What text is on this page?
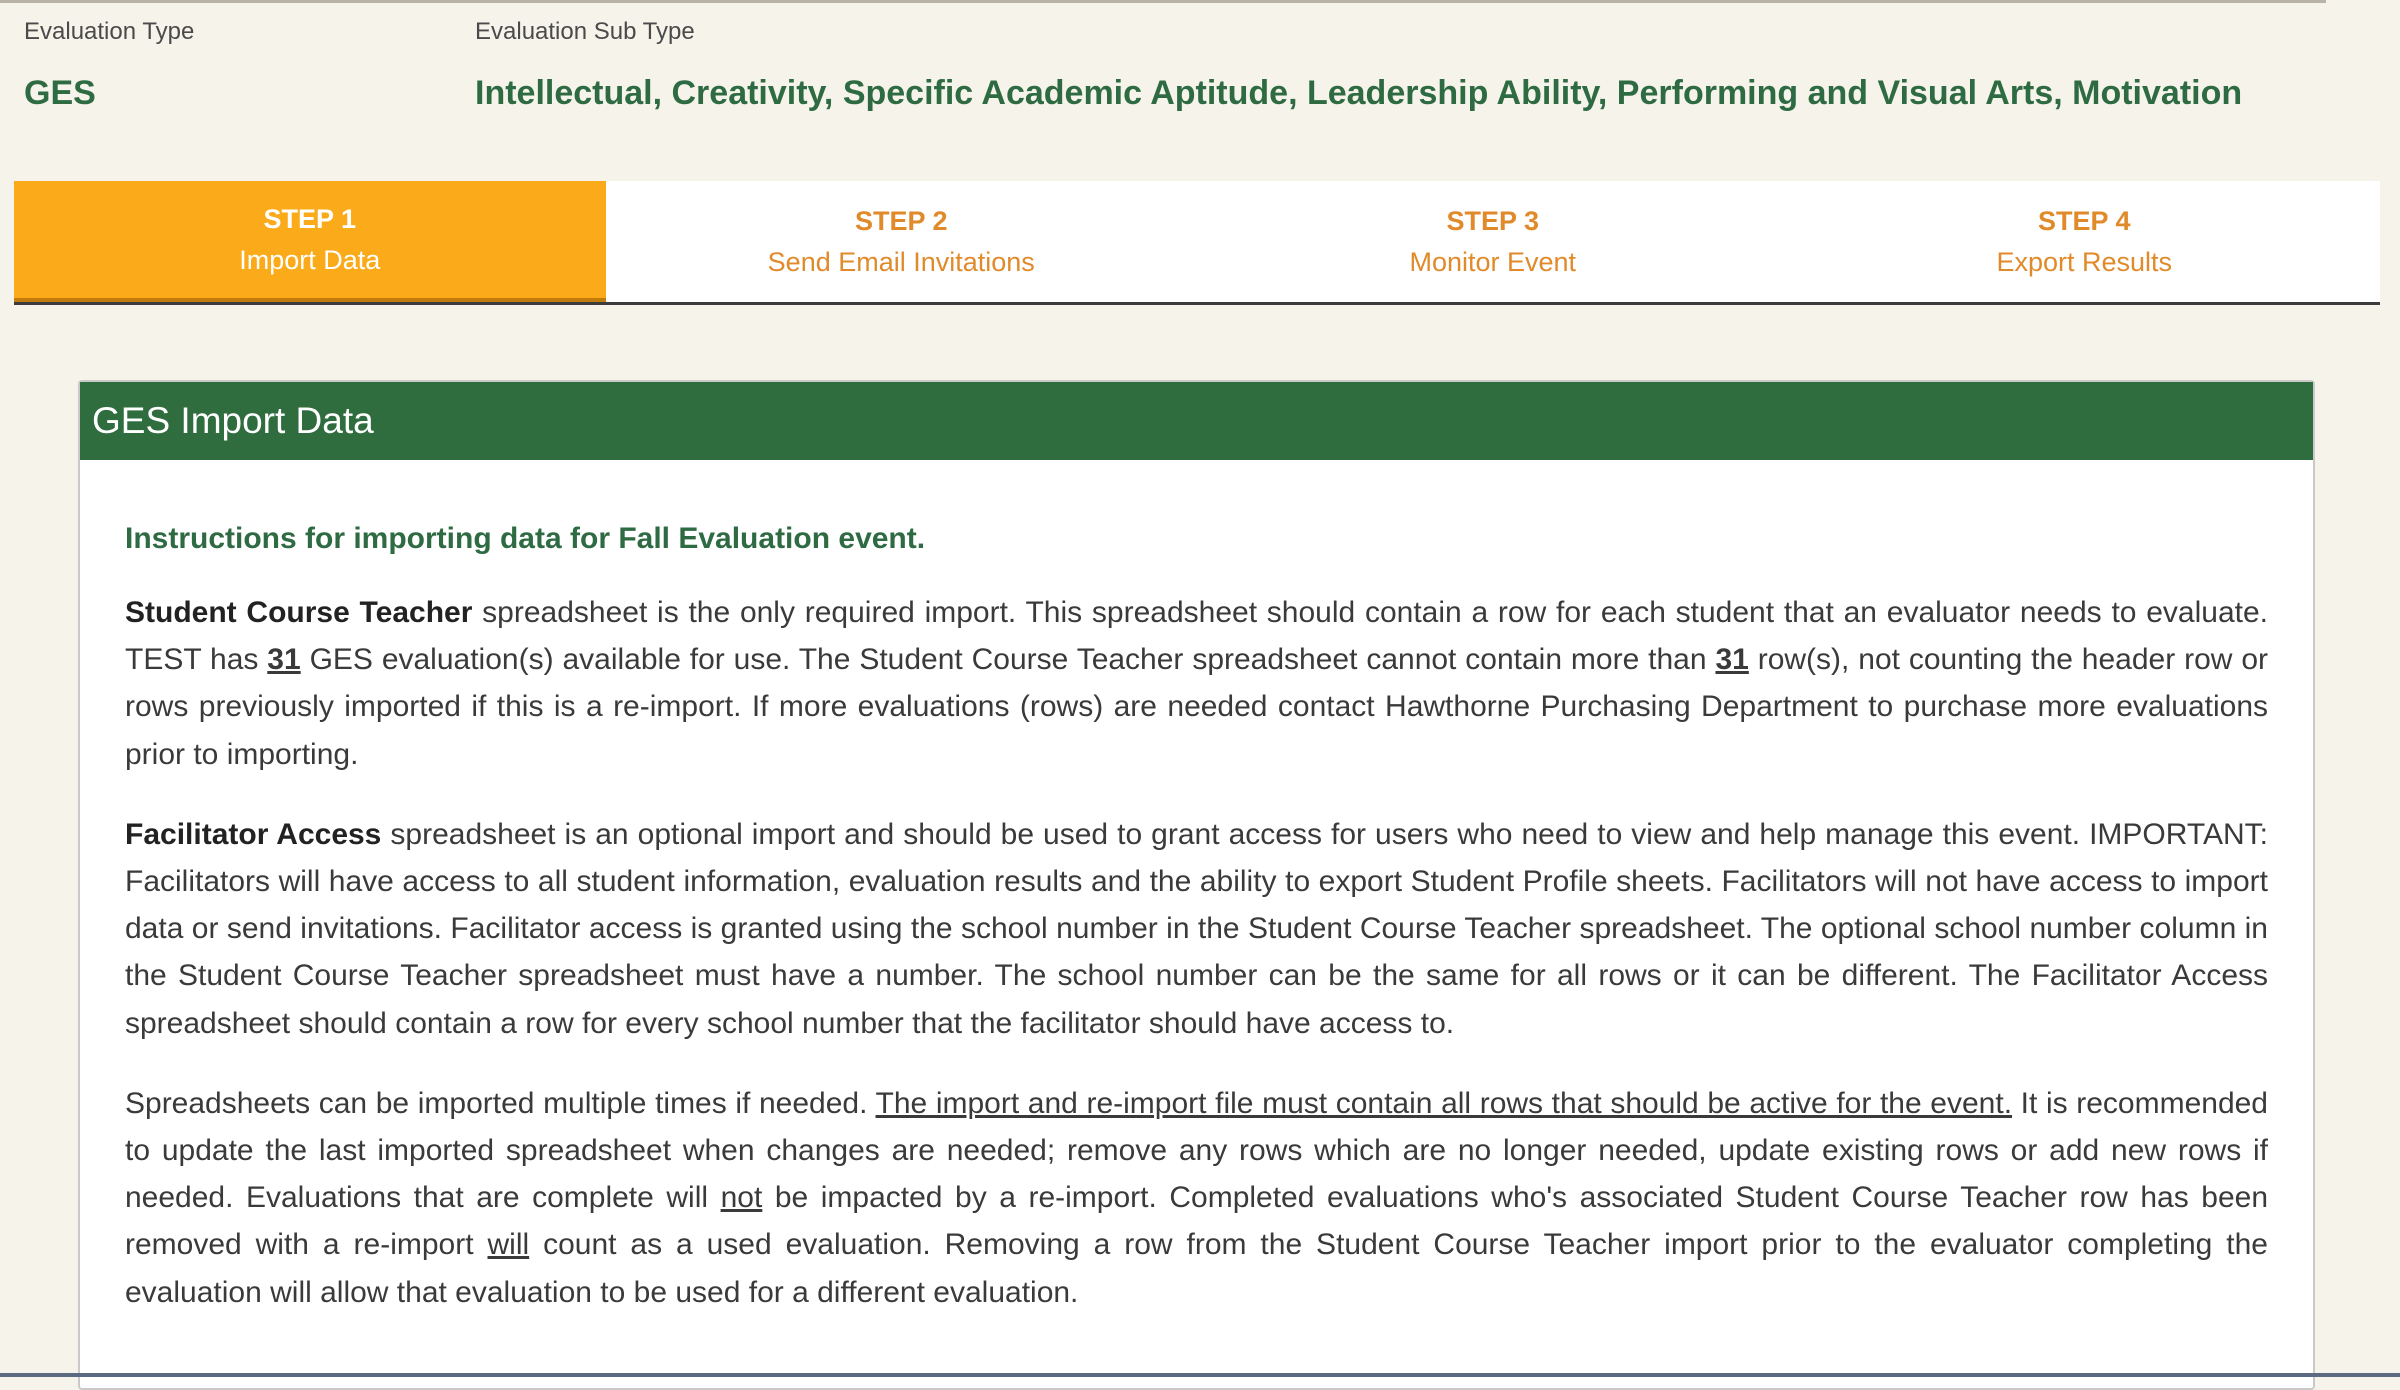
Evaluation Type	Evaluation Sub Type
GES	Intellectual, Creativity, Specific Academic Aptitude, Leadership Ability, Performing and Visual Arts, Motivation
STEP 1
Import Data
STEP 2
Send Email Invitations
STEP 3
Monitor Event
STEP 4
Export Results
GES Import Data
Instructions for importing data for Fall Evaluation event.

Student Course Teacher spreadsheet is the only required import. This spreadsheet should contain a row for each student that an evaluator needs to evaluate. TEST has 31 GES evaluation(s) available for use. The Student Course Teacher spreadsheet cannot contain more than 31 row(s), not counting the header row or rows previously imported if this is a re-import. If more evaluations (rows) are needed contact Hawthorne Purchasing Department to purchase more evaluations prior to importing.

Facilitator Access spreadsheet is an optional import and should be used to grant access for users who need to view and help manage this event. IMPORTANT: Facilitators will have access to all student information, evaluation results and the ability to export Student Profile sheets. Facilitators will not have access to import data or send invitations. Facilitator access is granted using the school number in the Student Course Teacher spreadsheet. The optional school number column in the Student Course Teacher spreadsheet must have a number. The school number can be the same for all rows or it can be different. The Facilitator Access spreadsheet should contain a row for every school number that the facilitator should have access to.

Spreadsheets can be imported multiple times if needed. The import and re-import file must contain all rows that should be active for the event. It is recommended to update the last imported spreadsheet when changes are needed; remove any rows which are no longer needed, update existing rows or add new rows if needed. Evaluations that are complete will not be impacted by a re-import. Completed evaluations who's associated Student Course Teacher row has been removed with a re-import will count as a used evaluation. Removing a row from the Student Course Teacher import prior to the evaluator completing the evaluation will allow that evaluation to be used for a different evaluation.
